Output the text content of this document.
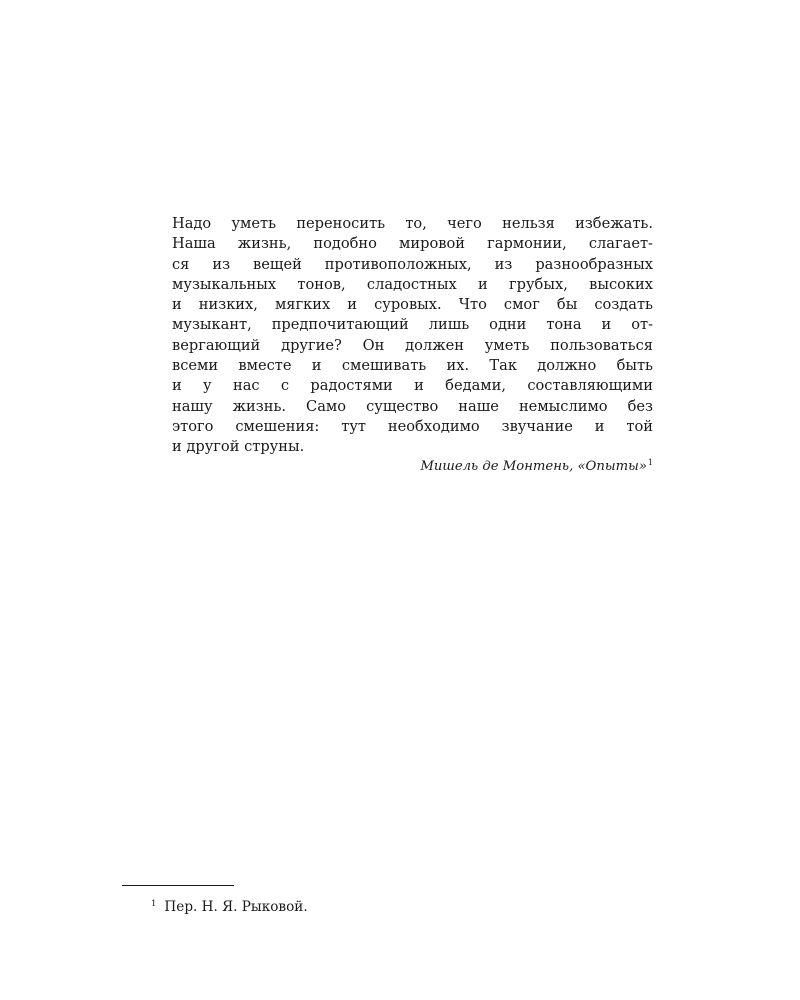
Надо уметь переносить то, чего нельзя избежать.
Наша жизнь, подобно мировой гармонии, слагает-
ся из вещей противоположных, из разнообразных
музыкальных тонов, сладостных и грубых, высоких
и низких, мягких и суровых. Что смог бы создать
музыкант, предпочитающий лишь одни тона и от-
вергающий другие? Он должен уметь пользоваться
всеми вместе и смешивать их. Так должно быть
и у нас с радостями и бедами, составляющими
нашу жизнь. Само существо наше немыслимо без
этого смешения: тут необходимо звучание и той
и другой струны.
Мишель де Монтень, «Опыты»$^1$
$^1$ Пер. Н. Я. Рыковой.
